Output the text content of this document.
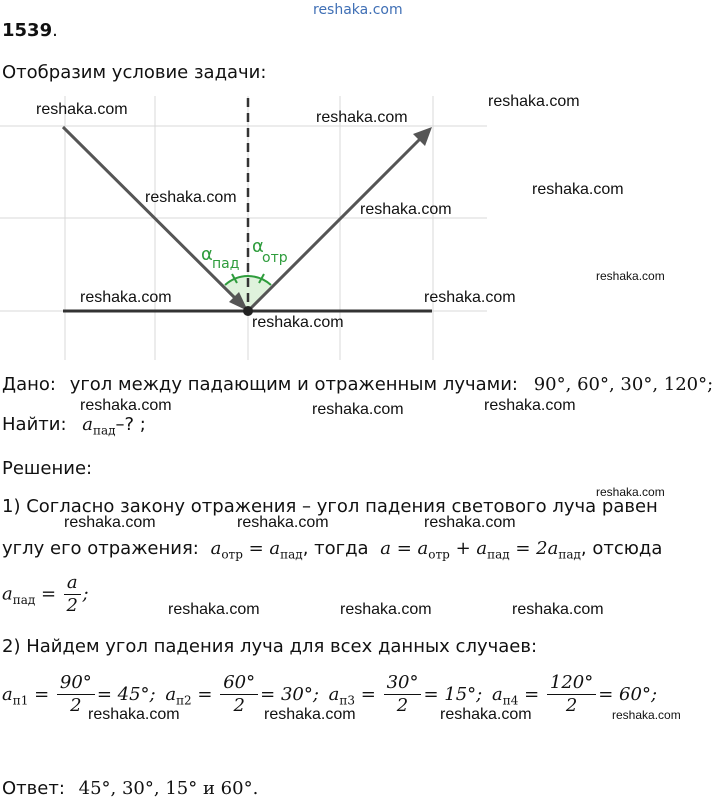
reshaka.com
1539.
Отобразим условие задачи:
α пад
α
отр
reshaka.com	reshaka.com
reshaka.com
reshaka.com
reshaka.com
reshaka.com
reshaka.com
reshaka.com	reshaka.com
reshaka.com
Дано: угол между падающим и отраженным лучами: 90°, 60°, 30°, 120°;
reshaka.com	reshaka.com	reshaka.com
Найти: $a_{пад}-$? ;
Решение:
reshaka.com
1) Согласно закону отражения – угол падения светового луча равен
reshaka.com	reshaka.com	reshaka.com
углу его отражения: $a_{отр} = a_{пад}$, тогда $a = a_{отр} + a_{пад} = 2a_{пад}$, отсюда
$a_{пад} = \frac{a}{2}$ ;
reshaka.com	reshaka.com	reshaka.com
2) Найдем угол падения луча для всех данных случаев:
$a_{п1} = \frac{90^\circ}{2} = 45^\circ$; $a_{п2} = \frac{60^\circ}{2} = 30^\circ$; $a_{п3} = \frac{30^\circ}{2} = 15^\circ$; $a_{п4} = \frac{120^\circ}{2} = 60^\circ$;
reshaka.com	reshaka.com	reshaka.com	reshaka.com
Ответ: 45°, 30°, 15° и 60°.
